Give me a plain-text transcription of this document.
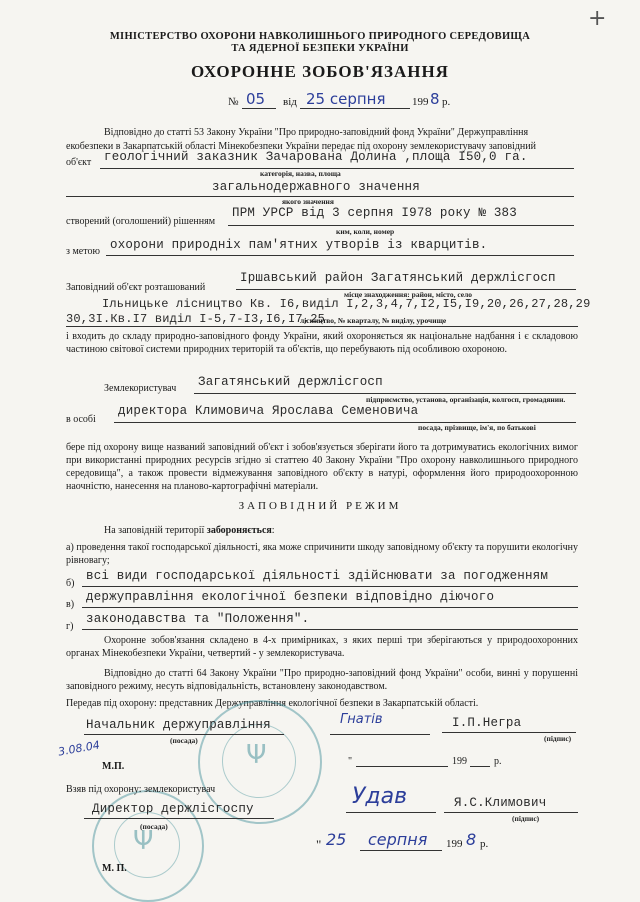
+
МІНІСТЕРСТВО ОХОРОНИ НАВКОЛИШНЬОГО ПРИРОДНОГО СЕРЕДОВИЩА
ТА ЯДЕРНОЇ БЕЗПЕКИ УКРАЇНИ
ОХОРОННЕ ЗОБОВ'ЯЗАННЯ
№ 05 від 25 серпня 199 8 р.
Відповідно до статті 53 Закону України "Про природно-заповідний фонд України" Держуправління
екобезпеки в Закарпатській області Мінекобезпеки України передає під охорону землекористувачу заповідний
об'єкт геологічний заказник Зачарована Долина ,площа I50,0 га.
категорія, назва, площа
загальнодержавного значення
якого значення
створений (оголошений) рішенням
ПРМ УРСР від 3 серпня I978 року № 383
ким, коли, номер
з метою охорони природніх пам'ятних утворів із кварцитів.
Заповідний об'єкт розташований
Іршавський район Загатянський держлісгосп
місце знаходження: район, місто, село
Ільницьке лісництво Кв. I6,виділ I,2,3,4,7,I2,I5,I9,20,26,27,28,29
30,3I.Кв.I7 виділ I-5,7-I3,I6,I7,25
лісництво, № кварталу, № виділу, урочище
і входить до складу природно-заповідного фонду України, який охороняється як національне надбання і є складовою частиною світової системи природних територій та об'єктів, що перебувають під особливою охороною.
Землекористувач Загатянський держлісгосп
підприємство, установа, організація, колгосп, громадянин.
в особі
директора Климовича Ярослава Семеновича
посада, прізвище, ім'я, по батькові
бере під охорону вище названий заповідний об'єкт і зобов'язується зберігати його та дотримуватись екологічних вимог при використанні природних ресурсів згідно зі статтею 40 Закону України "Про охорону навколишнього природного середовища", а також провести відмежування заповідного об'єкту в натурі, оформлення його природоохоронною наочністю, нанесення на планово-картографічні матеріали.
ЗАПОВІДНИЙ РЕЖИМ
На заповідній території забороняється:
а) проведення такої господарської діяльності, яка може спричинити шкоду заповідному об'єкту та порушити екологічну рівновагу;
б)
всі види господарської діяльності здійснювати за погодженням
в)
держуправління екологічної безпеки відповідно діючого
г)
законодавства та "Положення".
Охоронне зобов'язання складено в 4-х примірниках, з яких перші три зберігаються у природоохоронних органах Мінекобезпеки України, четвертий - у землекористувача.
Відповідно до статті 64 Закону України "Про природно-заповідний фонд України" особи, винні у порушенні заповідного режиму, несуть відповідальність, встановлену законодавством.
Передав під охорону: представник Держуправління екологічної безпеки в Закарпатській області.
Ψ
Ψ
Начальник держуправління
(посада)
Гнатів	І.П.Негра
(підпис)
3.08.04
М.П.	"	199	р.
Взяв під охорону: землекористувач
Директор держлісгоспу
(посада)
Удав	Я.С.Климович
(підпис)
" 25 серпня 199 8 р.
М. П.
